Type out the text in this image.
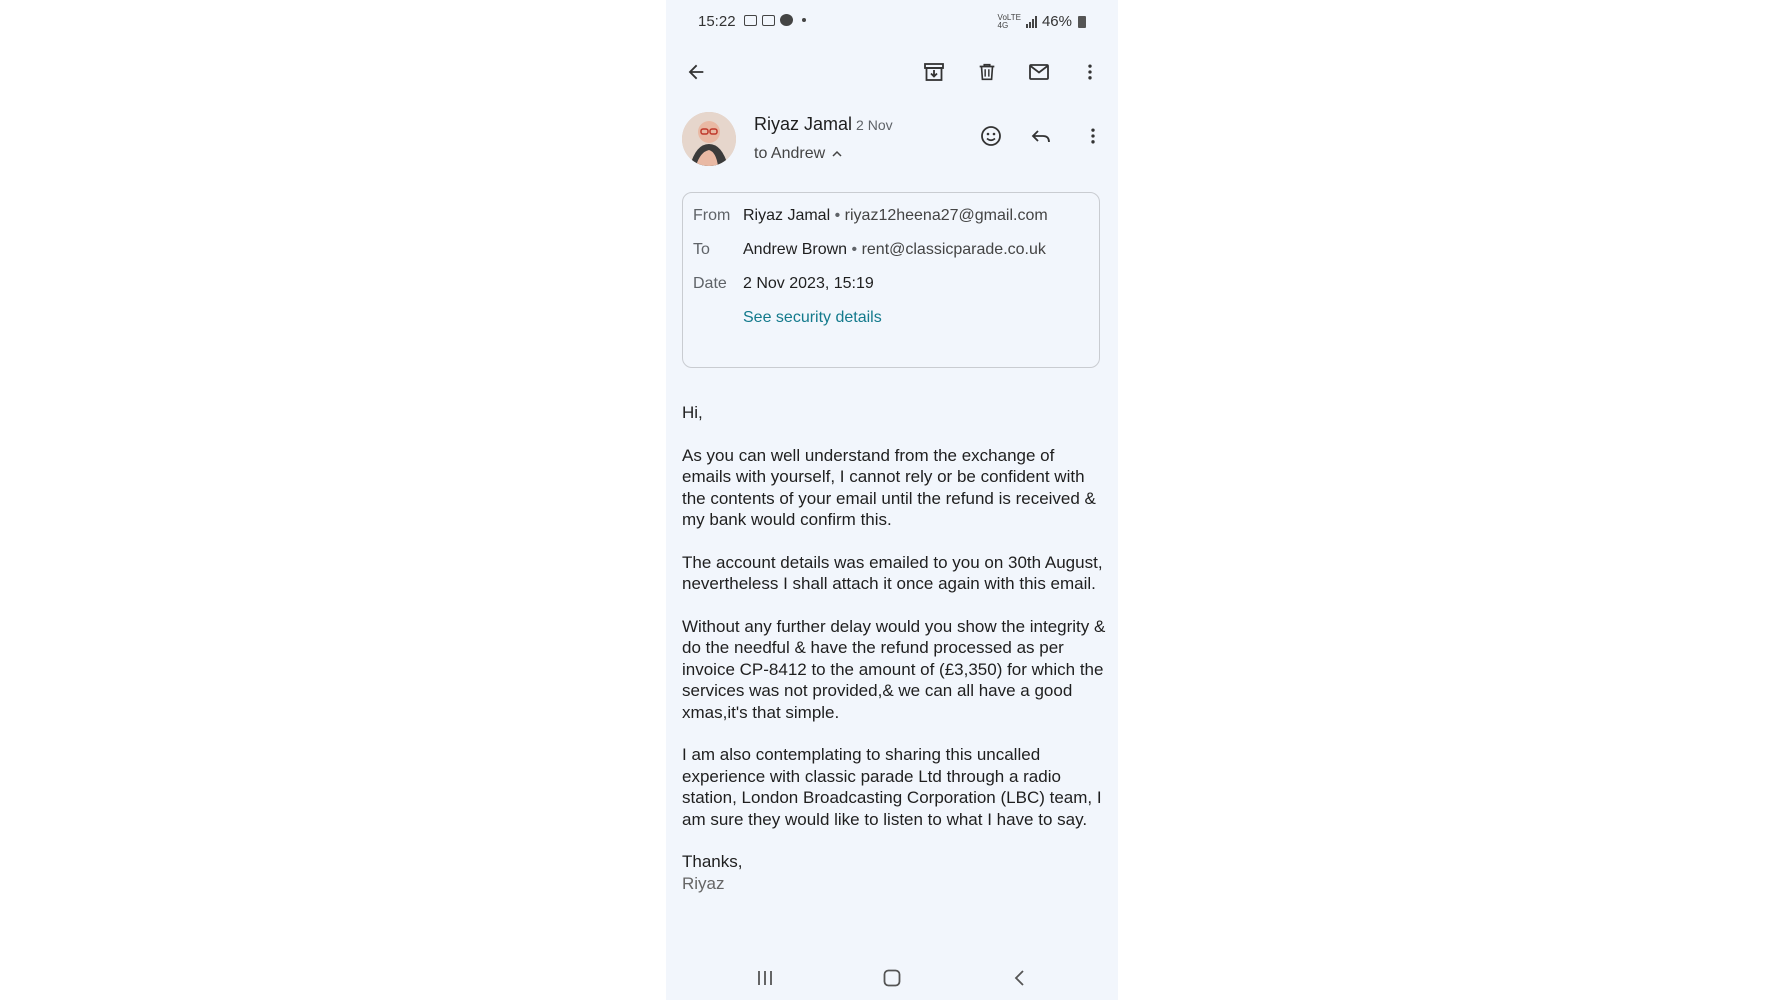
15:22	VoLTE
4G	46%
Riyaz Jamal 2 Nov
to Andrew
From Riyaz Jamal • riyaz12heena27@gmail.com
To	Andrew Brown • rent@classicparade.co.uk
Date	2 Nov 2023, 15:19
See security details

Hi,

As you can well understand from the exchange of emails with yourself, I cannot rely or be confident with the contents of your email until the refund is received & my bank would confirm this.

The account details was emailed to you on 30th August, nevertheless I shall attach it once again with this email.

Without any further delay would you show the integrity & do the needful & have the refund processed as per invoice CP-8412 to the amount of (£3,350) for which the services was not provided,& we can all have a good xmas,it's that simple.

I am also contemplating to sharing this uncalled experience with classic parade Ltd through a radio station, London Broadcasting Corporation (LBC) team, I am sure they would like to listen to what I have to say.

Thanks,
Riyaz
